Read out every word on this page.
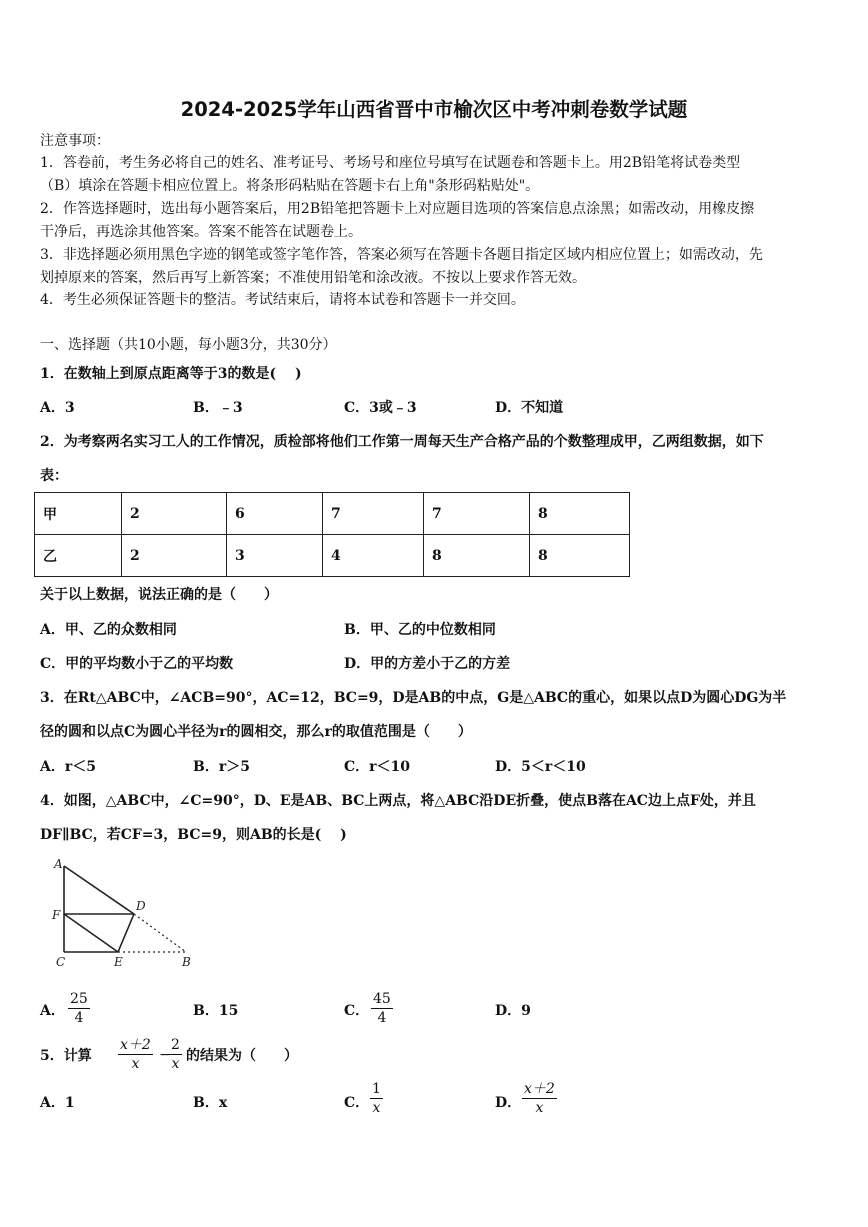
2024-2025学年山西省晋中市榆次区中考冲刺卷数学试题
注意事项：
1．答卷前，考生务必将自己的姓名、准考证号、考场号和座位号填写在试题卷和答题卡上。用2B铅笔将试卷类型
（B）填涂在答题卡相应位置上。将条形码粘贴在答题卡右上角"条形码粘贴处"。
2．作答选择题时，选出每小题答案后，用2B铅笔把答题卡上对应题目选项的答案信息点涂黑；如需改动，用橡皮擦
干净后，再选涂其他答案。答案不能答在试题卷上。
3．非选择题必须用黑色字迹的钢笔或签字笔作答，答案必须写在答题卡各题目指定区域内相应位置上；如需改动，先
划掉原来的答案，然后再写上新答案；不准使用铅笔和涂改液。不按以上要求作答无效。
4．考生必须保证答题卡的整洁。考试结束后，请将本试卷和答题卡一并交回。
一、选择题（共10小题，每小题3分，共30分）
1．在数轴上到原点距离等于3的数是(　 )
A．3	B．﹣3	C．3或﹣3	D．不知道
2．为考察两名实习工人的工作情况，质检部将他们工作第一周每天生产合格产品的个数整理成甲，乙两组数据，如下
表：
甲	2	6	7	7	8
乙	2	3	4	8	8
关于以上数据，说法正确的是（　　）
A．甲、乙的众数相同	B．甲、乙的中位数相同
C．甲的平均数小于乙的平均数	D．甲的方差小于乙的方差
3．在Rt△ABC中，∠ACB=90°，AC=12，BC=9，D是AB的中点，G是△ABC的重心，如果以点D为圆心DG为半
径的圆和以点C为圆心半径为r的圆相交，那么r的取值范围是（　　）
A．r＜5	B．r＞5	C．r＜10	D．5＜r＜10
4．如图，△ABC中，∠C=90°，D、E是AB、BC上两点，将△ABC沿DE折叠，使点B落在AC边上点F处，并且
DF∥BC，若CF=3，BC=9，则AB的长是(　 )
A
F
C	E
D
B
A． $\frac{25}{4}$	B．15	C． $\frac{45}{4}$	D．9
5．计算 $\frac{x+2}{x}$ −
$\frac{2}{x}$ 的结果为（　　）
A．1	B．x	C． $\frac{1}{x}$	D． $\frac{x+2}{x}$
